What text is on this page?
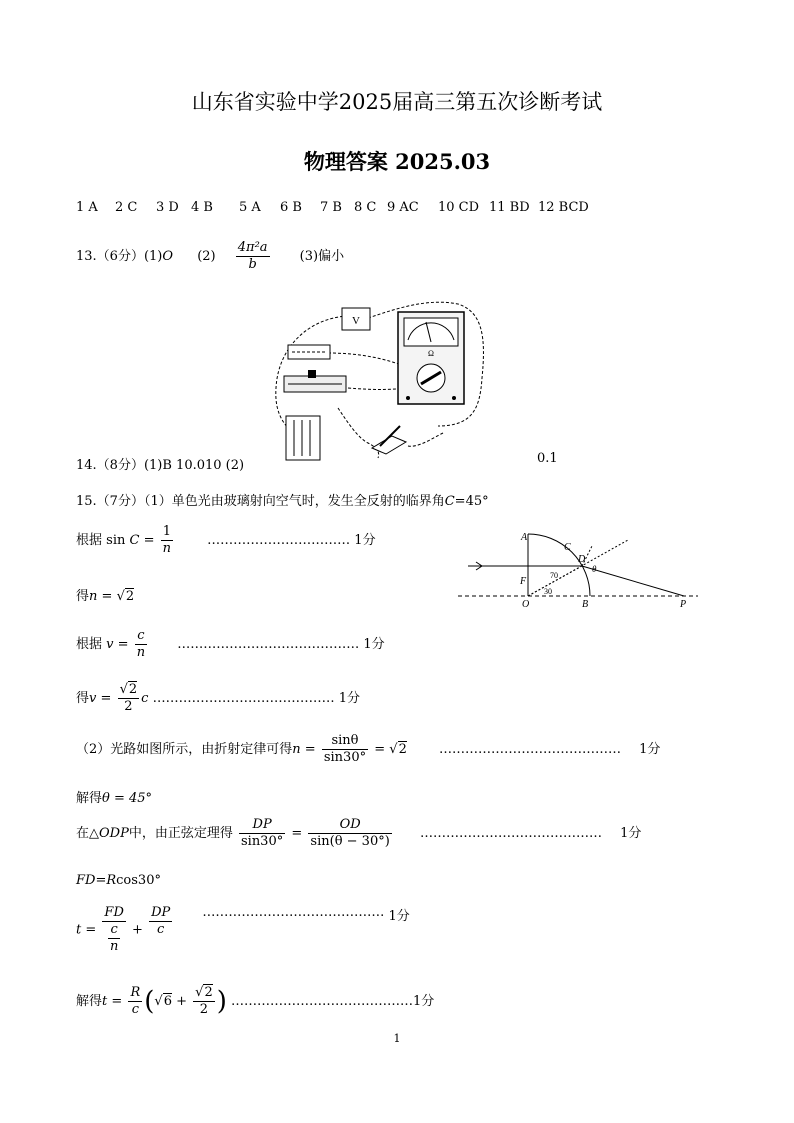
山东省实验中学2025届高三第五次诊断考试
物理答案 2025.03
1 A 2 C 3 D 4 B 5 A 6 B 7 B 8 C 9 AC 10 CD 11 BD 12 BCD
13.（6分）(1)O $(2) \frac{\text{4π²a}}{b} (3)$偏小
V
Ω
14.（8分）(1)B 10.010 (2)	0.1
15.（7分）（1）单色光由玻璃射向空气时，发生全反射的临界角C=45°
根据 $\sin C = \frac{1}{n}$	…………………………… 1分
得n = √2
根据 $v = \frac{c}{n}$ …………………………………… 1分
得$v = \frac{√2}{2}$ c …………………………………… 1分
（2）光路如图所示，由折射定律可得$n = \frac{\sin\theta}{\sin 30^\circ} = √2$ …………………………………… 1分
解得θ = 45°
在△ODP中，由正弦定理得 $\frac{DP}{\sin 30^\circ} = \frac{OD}{\sin(\theta - 30^\circ)}$ …………………………………… 1分
FD=Rcos30°
$t = \frac{FD}{\frac{c}{n}} + \frac{DP}{c}$ …………………………………… 1分
解得$t = \frac{R}{c} (√6 + \frac{√2}{2}$ ) ……………………………………1分
A
C
D
θ
F
O	B	P
70
30
1
